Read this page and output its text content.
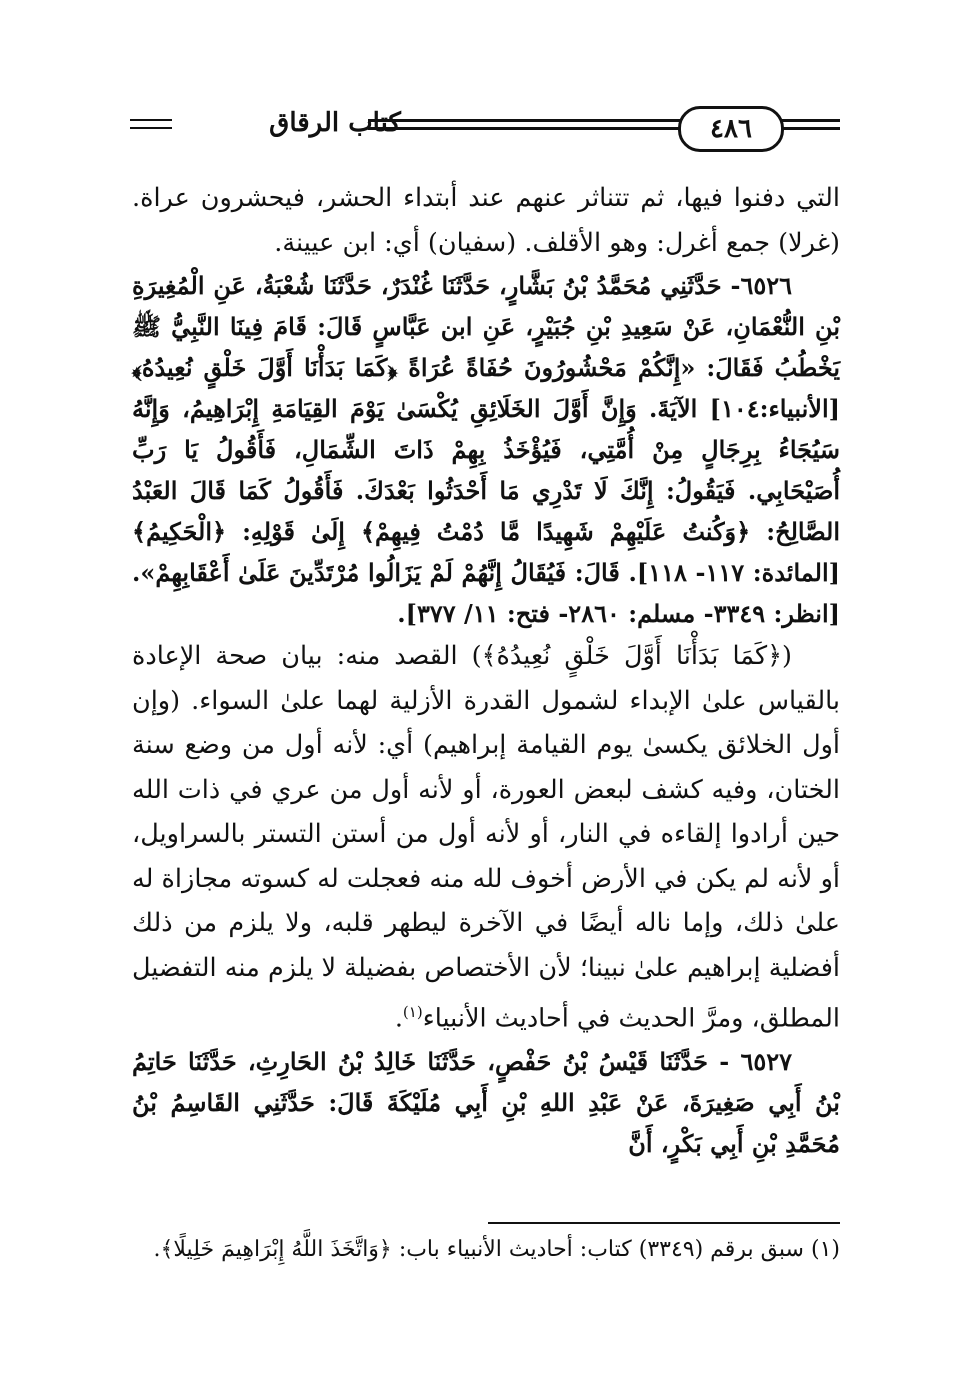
٤٨٦
كتاب الرقاق

التي دفنوا فيها، ثم تتناثر عنهم عند أبتداء الحشر، فيحشرون عراة. (غرلا) جمع أغرل: وهو الأقلف. (سفيان) أي: ابن عيينة.

٦٥٢٦- حَدَّثَنِي مُحَمَّدُ بْنُ بَشَّارٍ، حَدَّثَنَا غُنْدَرٌ، حَدَّثَنَا شُعْبَةُ، عَنِ الْمُغِيرَةِ بْنِ النُّعْمَانِ، عَنْ سَعِيدِ بْنِ جُبَيْرٍ، عَنِ ابن عَبَّاسٍ قَالَ: قَامَ فِينَا النَّبِيُّ ﷺ يَخْطُبُ فَقَالَ: «إِنَّكُمْ مَحْشُورُونَ حُفَاةً عُرَاةً ﴿كَمَا بَدَأْنَا أَوَّلَ خَلْقٍ نُعِيدُهُ﴾ [الأنبياء:١٠٤] الآيَةَ. وَإِنَّ أَوَّلَ الخَلَائِقِ يُكْسَىٰ يَوْمَ القِيَامَةِ إِبْرَاهِيمُ، وَإِنَّهُ سَيُجَاءُ بِرِجَالٍ مِنْ أُمَّتِي، فَيُؤْخَذُ بِهِمْ ذَاتَ الشِّمَالِ، فَأَقُولُ يَا رَبِّ أُصَيْحَابِي. فَيَقُولُ: إِنَّكَ لَا تَدْرِي مَا أَحْدَثُوا بَعْدَكَ. فَأَقُولُ كَمَا قَالَ العَبْدُ الصَّالِحُ: ﴿وَكُنتُ عَلَيْهِمْ شَهِيدًا مَّا دُمْتُ فِيهِمْ﴾ إِلَىٰ قَوْلِهِ: ﴿الْحَكِيمُ﴾ [المائدة: ١١٧- ١١٨]. قَالَ: فَيُقَالُ إِنَّهُمْ لَمْ يَزَالُوا مُرْتَدِّينَ عَلَىٰ أَعْقَابِهِمْ». [انظر: ٣٣٤٩- مسلم: ٢٨٦٠- فتح: ١١/ ٣٧٧].

(﴿كَمَا بَدَأْنَا أَوَّلَ خَلْقٍ نُعِيدُهُ﴾) القصد منه: بيان صحة الإعادة بالقياس علىٰ الإبداء لشمول القدرة الأزلية لهما علىٰ السواء. (وإن أول الخلائق يكسىٰ يوم القيامة إبراهيم) أي: لأنه أول من وضع سنة الختان، وفيه كشف لبعض العورة، أو لأنه أول من عري في ذات الله حين أرادوا إلقاءه في النار، أو لأنه أول من أستن التستر بالسراويل، أو لأنه لم يكن في الأرض أخوف لله منه فعجلت له كسوته مجازاة له علىٰ ذلك، وإما ناله أيضًا في الآخرة ليطهر قلبه، ولا يلزم من ذلك أفضلية إبراهيم علىٰ نبينا؛ لأن الأختصاص بفضيلة لا يلزم منه التفضيل المطلق، ومرَّ الحديث في أحاديث الأنبياء$^{(١)}$.

٦٥٢٧ - حَدَّثَنَا قَيْسُ بْنُ حَفْصٍ، حَدَّثَنَا خَالِدُ بْنُ الحَارِثِ، حَدَّثَنَا حَاتِمُ بْنُ أَبِي صَغِيرَةَ، عَنْ عَبْدِ اللهِ بْنِ أَبِي مُلَيْكَةَ قَالَ: حَدَّثَنِي القَاسِمُ بْنُ مُحَمَّدِ بْنِ أَبِي بَكْرٍ، أَنَّ

(١) سبق برقم (٣٣٤٩) كتاب: أحاديث الأنبياء باب: ﴿وَاتَّخَذَ اللَّهُ إِبْرَاهِيمَ خَلِيلًا﴾.
